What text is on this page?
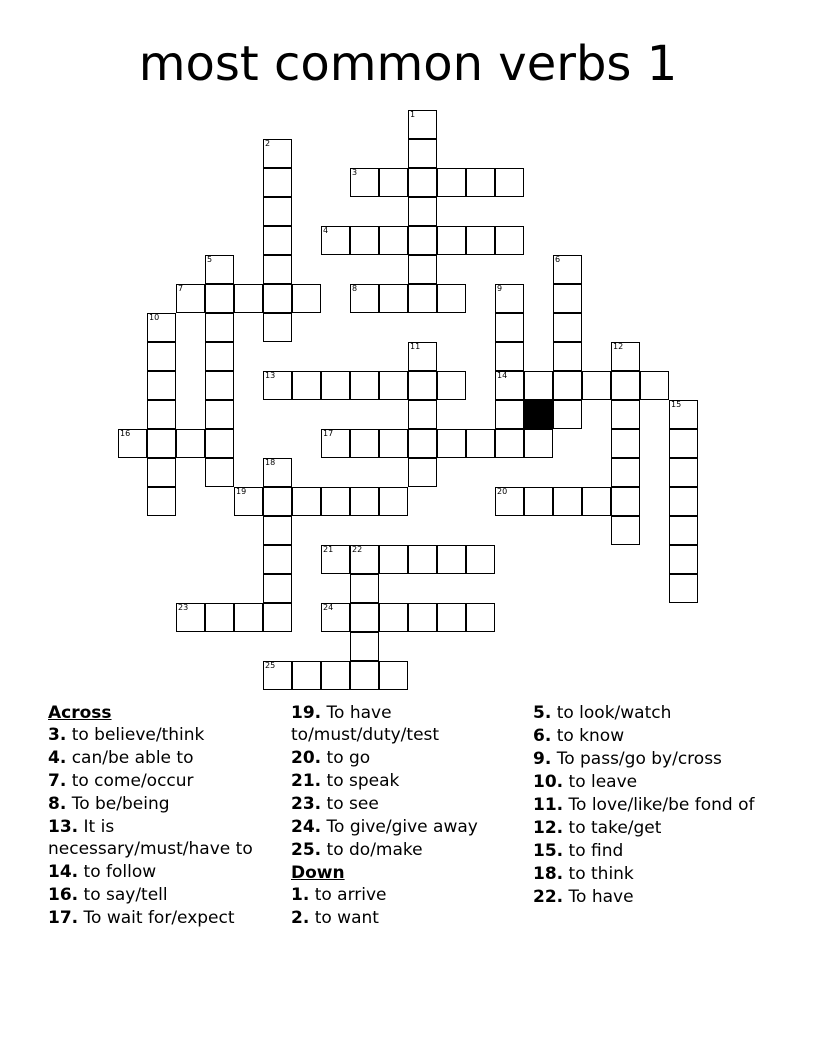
most common verbs 1
1
2
3
4
5	6
7	8	9
14
10
11	12
13
15
16	17
18
19	20
21 22
23	24
25
Across
3. to believe/think
4. can/be able to
7. to come/occur
8. To be/being
13. It is necessary/must/have to
14. to follow
16. to say/tell
17. To wait for/expect
19. To have to/must/duty/test
20. to go
21. to speak
23. to see
24. To give/give away
25. to do/make
Down
1. to arrive
2. to want
5. to look/watch
6. to know
9. To pass/go by/cross
10. to leave
11. To love/like/be fond of
12. to take/get
15. to find
18. to think
22. To have
